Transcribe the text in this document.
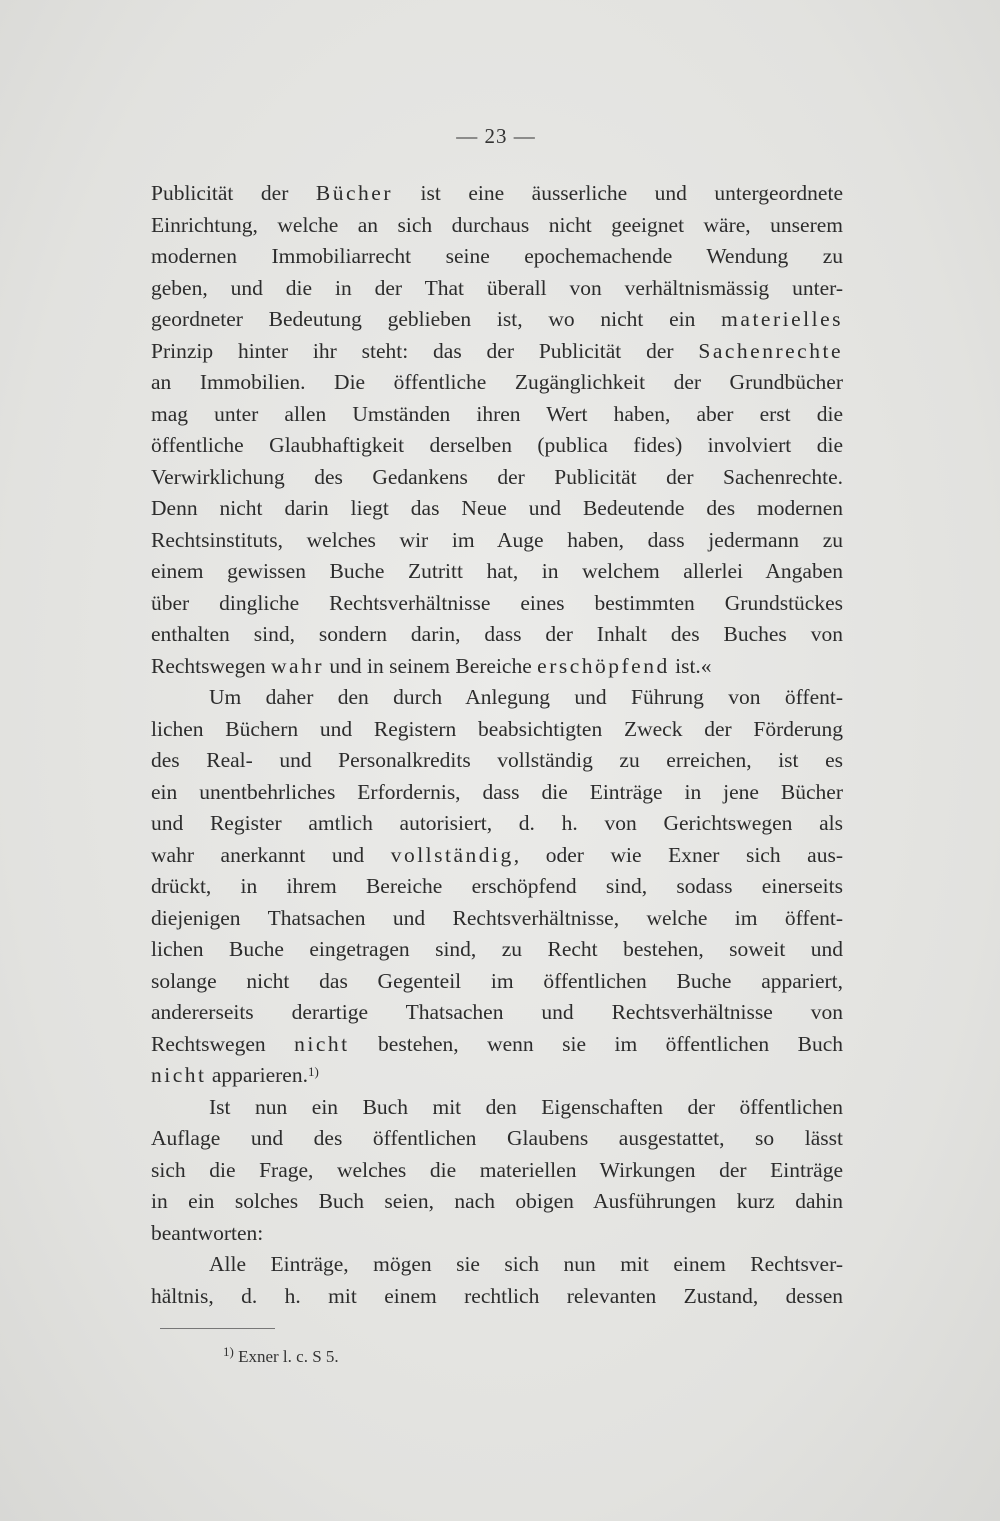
— 23 —
Publicität der Bücher ist eine äusserliche und untergeordnete
Einrichtung, welche an sich durchaus nicht geeignet wäre, unserem
modernen Immobiliarrecht seine epochemachende Wendung zu
geben, und die in der That überall von verhältnismässig unter-
geordneter Bedeutung geblieben ist, wo nicht ein materielles
Prinzip hinter ihr steht: das der Publicität der Sachenrechte
an Immobilien. Die öffentliche Zugänglichkeit der Grundbücher
mag unter allen Umständen ihren Wert haben, aber erst die
öffentliche Glaubhaftigkeit derselben (publica fides) involviert die
Verwirklichung des Gedankens der Publicität der Sachenrechte.
Denn nicht darin liegt das Neue und Bedeutende des modernen
Rechtsinstituts, welches wir im Auge haben, dass jedermann zu
einem gewissen Buche Zutritt hat, in welchem allerlei Angaben
über dingliche Rechtsverhältnisse eines bestimmten Grundstückes
enthalten sind, sondern darin, dass der Inhalt des Buches von
Rechtswegen wahr und in seinem Bereiche erschöpfend ist.«
Um daher den durch Anlegung und Führung von öffent-
lichen Büchern und Registern beabsichtigten Zweck der Förderung
des Real- und Personalkredits vollständig zu erreichen, ist es
ein unentbehrliches Erfordernis, dass die Einträge in jene Bücher
und Register amtlich autorisiert, d. h. von Gerichtswegen als
wahr anerkannt und vollständig, oder wie Exner sich aus-
drückt, in ihrem Bereiche erschöpfend sind, sodass einerseits
diejenigen Thatsachen und Rechtsverhältnisse, welche im öffent-
lichen Buche eingetragen sind, zu Recht bestehen, soweit und
solange nicht das Gegenteil im öffentlichen Buche appariert,
andererseits derartige Thatsachen und Rechtsverhältnisse von
Rechtswegen nicht bestehen, wenn sie im öffentlichen Buch
nicht apparieren.$^{1)}$
Ist nun ein Buch mit den Eigenschaften der öffentlichen
Auflage und des öffentlichen Glaubens ausgestattet, so lässt
sich die Frage, welches die materiellen Wirkungen der Einträge
in ein solches Buch seien, nach obigen Ausführungen kurz dahin
beantworten:
Alle Einträge, mögen sie sich nun mit einem Rechtsver-
hältnis, d. h. mit einem rechtlich relevanten Zustand, dessen
$^{1)}$ Exner l. c. S 5.
